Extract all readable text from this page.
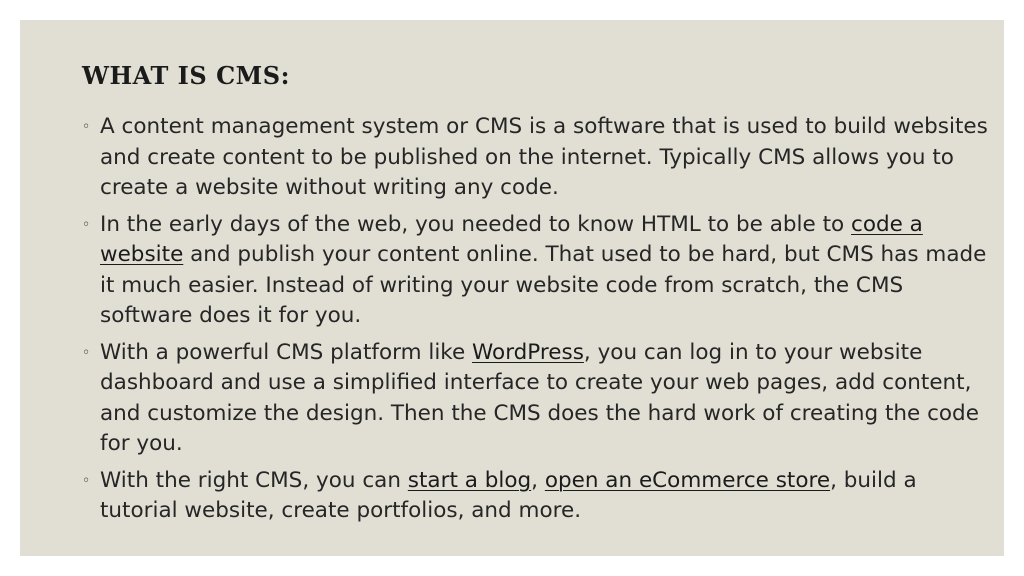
WHAT IS CMS:
◦ A content management system or CMS is a software that is used to build websites and create content to be published on the internet. Typically CMS allows you to create a website without writing any code.
◦ In the early days of the web, you needed to know HTML to be able to code a website and publish your content online. That used to be hard, but CMS has made it much easier. Instead of writing your website code from scratch, the CMS software does it for you.
◦ With a powerful CMS platform like WordPress, you can log in to your website dashboard and use a simplified interface to create your web pages, add content, and customize the design. Then the CMS does the hard work of creating the code for you.
◦ With the right CMS, you can start a blog, open an eCommerce store, build a tutorial website, create portfolios, and more.
